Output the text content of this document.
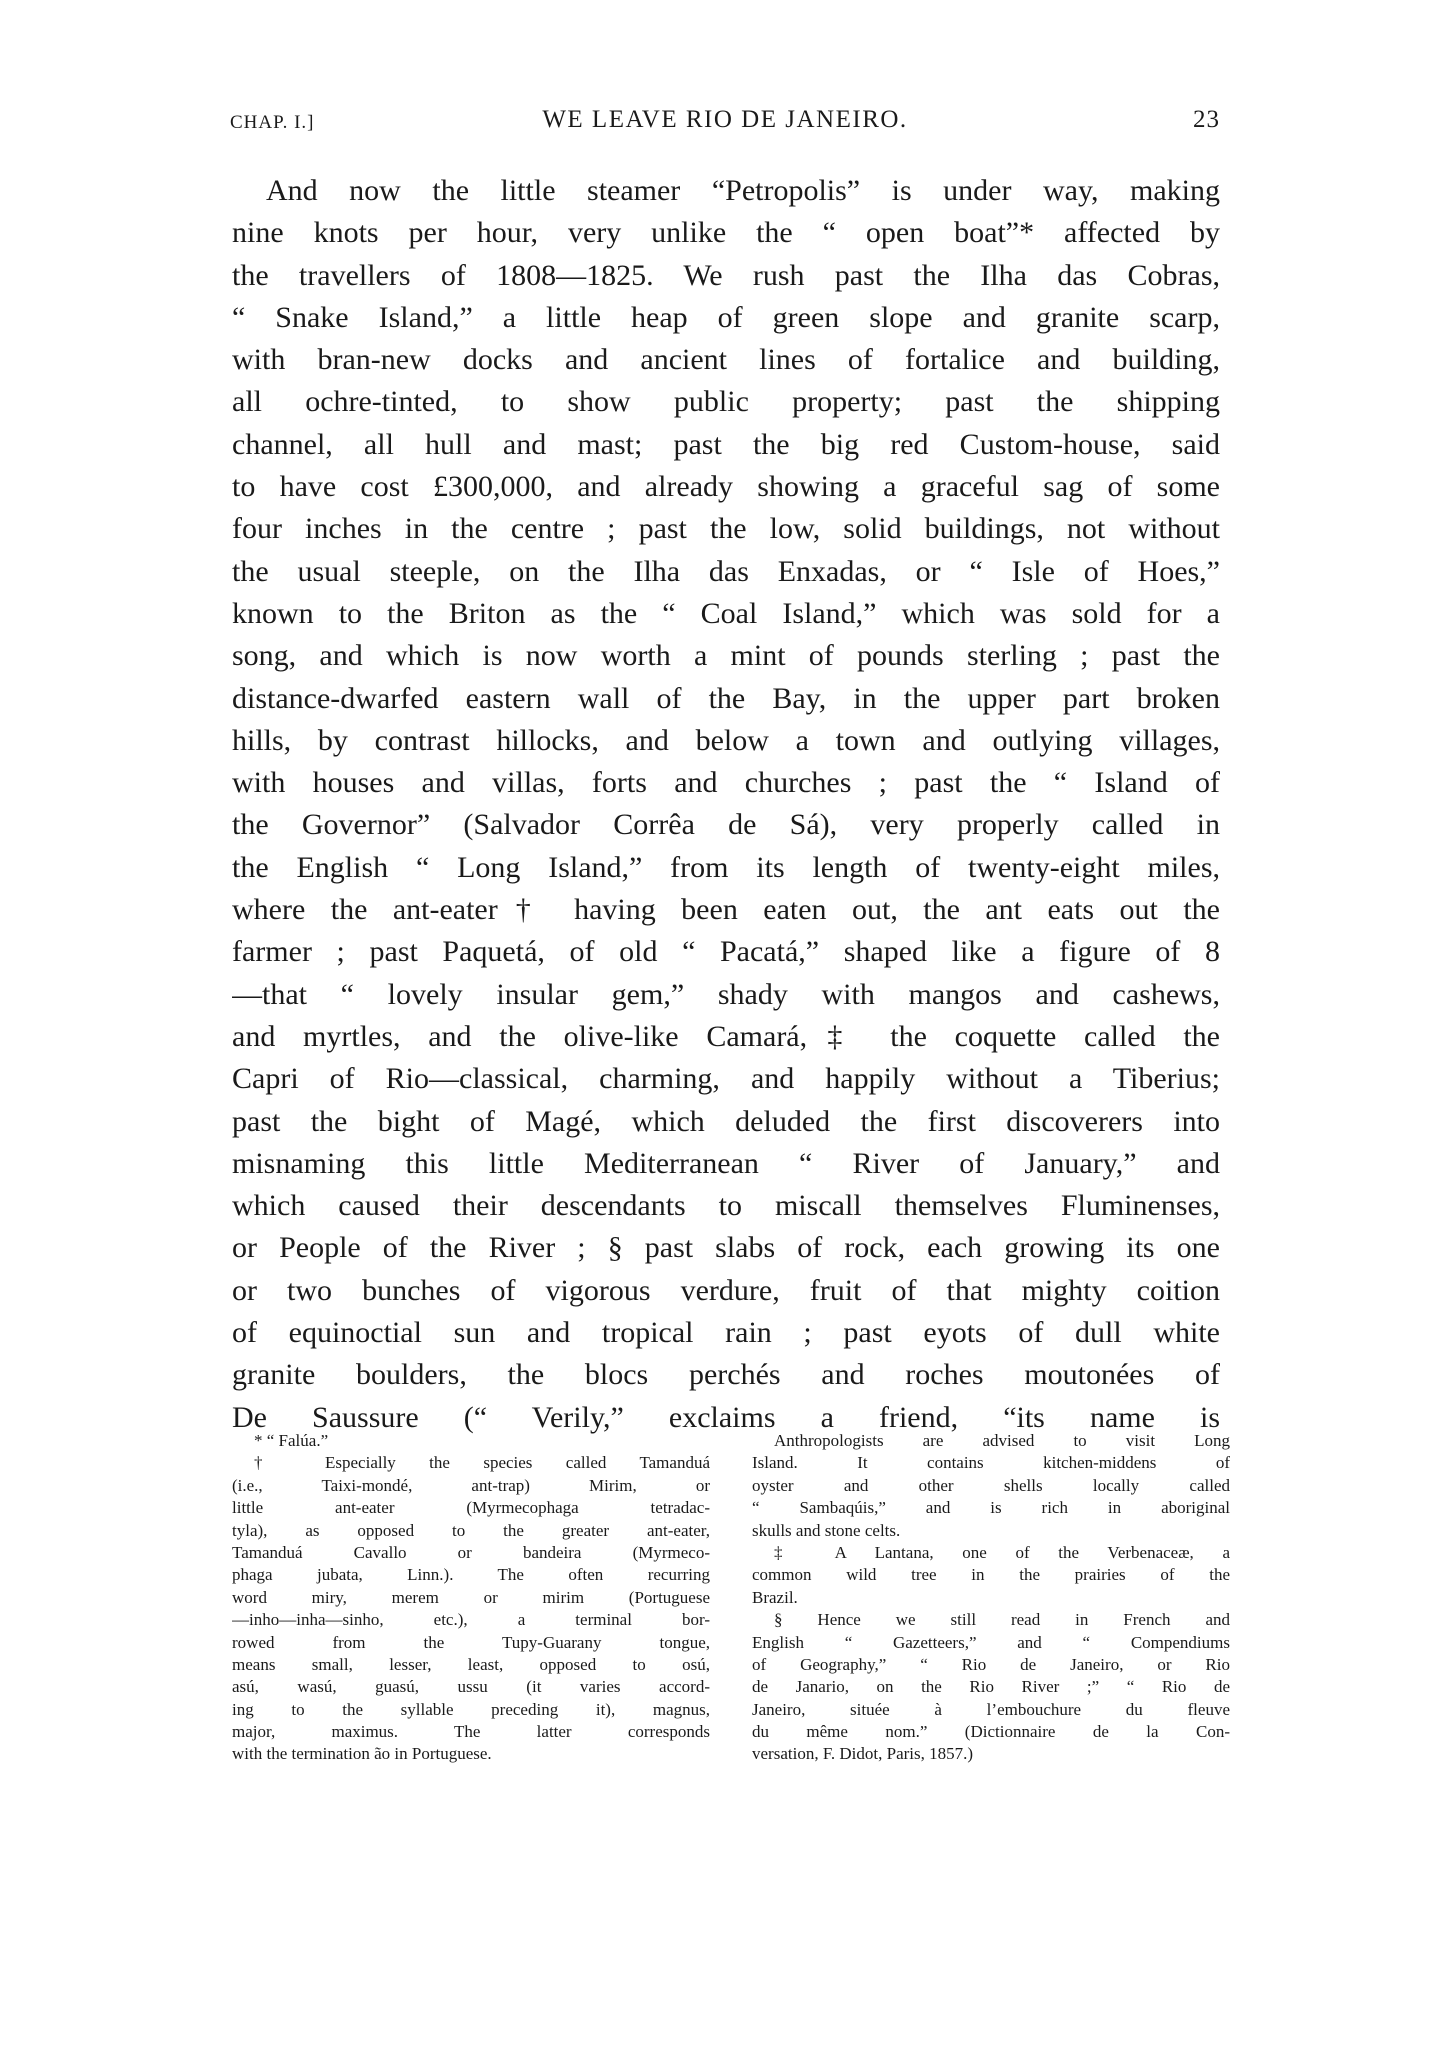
CHAP. I.]	WE LEAVE RIO DE JANEIRO.	23
And now the little steamer “Petropolis” is under way, making
nine knots per hour, very unlike the “ open boat”* affected by
the travellers of 1808—1825. We rush past the Ilha das Cobras,
“ Snake Island,” a little heap of green slope and granite scarp,
with bran-new docks and ancient lines of fortalice and building,
all ochre-tinted, to show public property; past the shipping
channel, all hull and mast; past the big red Custom-house, said
to have cost £300,000, and already showing a graceful sag of some
four inches in the centre ; past the low, solid buildings, not without
the usual steeple, on the Ilha das Enxadas, or “ Isle of Hoes,”
known to the Briton as the “ Coal Island,” which was sold for a
song, and which is now worth a mint of pounds sterling ; past the
distance-dwarfed eastern wall of the Bay, in the upper part broken
hills, by contrast hillocks, and below a town and outlying villages,
with houses and villas, forts and churches ; past the “ Island of
the Governor” (Salvador Corrêa de Sá), very properly called in
the English “ Long Island,” from its length of twenty-eight miles,
where the ant-eater† having been eaten out, the ant eats out the
farmer ; past Paquetá, of old “ Pacatá,” shaped like a figure of 8
—that “ lovely insular gem,” shady with mangos and cashews,
and myrtles, and the olive-like Camará,‡ the coquette called the
Capri of Rio—classical, charming, and happily without a Tiberius;
past the bight of Magé, which deluded the first discoverers into
misnaming this little Mediterranean “ River of January,” and
which caused their descendants to miscall themselves Fluminenses,
or People of the River ; § past slabs of rock, each growing its one
or two bunches of vigorous verdure, fruit of that mighty coition
of equinoctial sun and tropical rain ; past eyots of dull white
granite boulders, the blocs perchés and roches moutonées of
De Saussure (“ Verily,” exclaims a friend, “its name is
* “ Falúa.”
† Especially the species called Tamanduá
(i.e., Taixi-mondé, ant-trap) Mirim, or
little ant-eater (Myrmecophaga tetradac-
tyla), as opposed to the greater ant-eater,
Tamanduá Cavallo or bandeira (Myrmeco-
phaga jubata, Linn.). The often recurring
word miry, merem or mirim (Portuguese
—inho—inha—sinho, etc.), a terminal bor-
rowed from the Tupy-Guarany tongue,
means small, lesser, least, opposed to osú,
asú, wasú, guasú, ussu (it varies accord-
ing to the syllable preceding it), magnus,
major, maximus. The latter corresponds
with the termination ão in Portuguese.
Anthropologists are advised to visit Long
Island. It contains kitchen-middens of
oyster and other shells locally called
“ Sambaqúis,” and is rich in aboriginal
skulls and stone celts.
‡ A Lantana, one of the Verbenaceæ, a
common wild tree in the prairies of the
Brazil.
§ Hence we still read in French and
English “ Gazetteers,” and “ Compendiums
of Geography,” “ Rio de Janeiro, or Rio
de Janario, on the Rio River ;” “ Rio de
Janeiro, située à l’embouchure du fleuve
du même nom.” (Dictionnaire de la Con-
versation, F. Didot, Paris, 1857.)
